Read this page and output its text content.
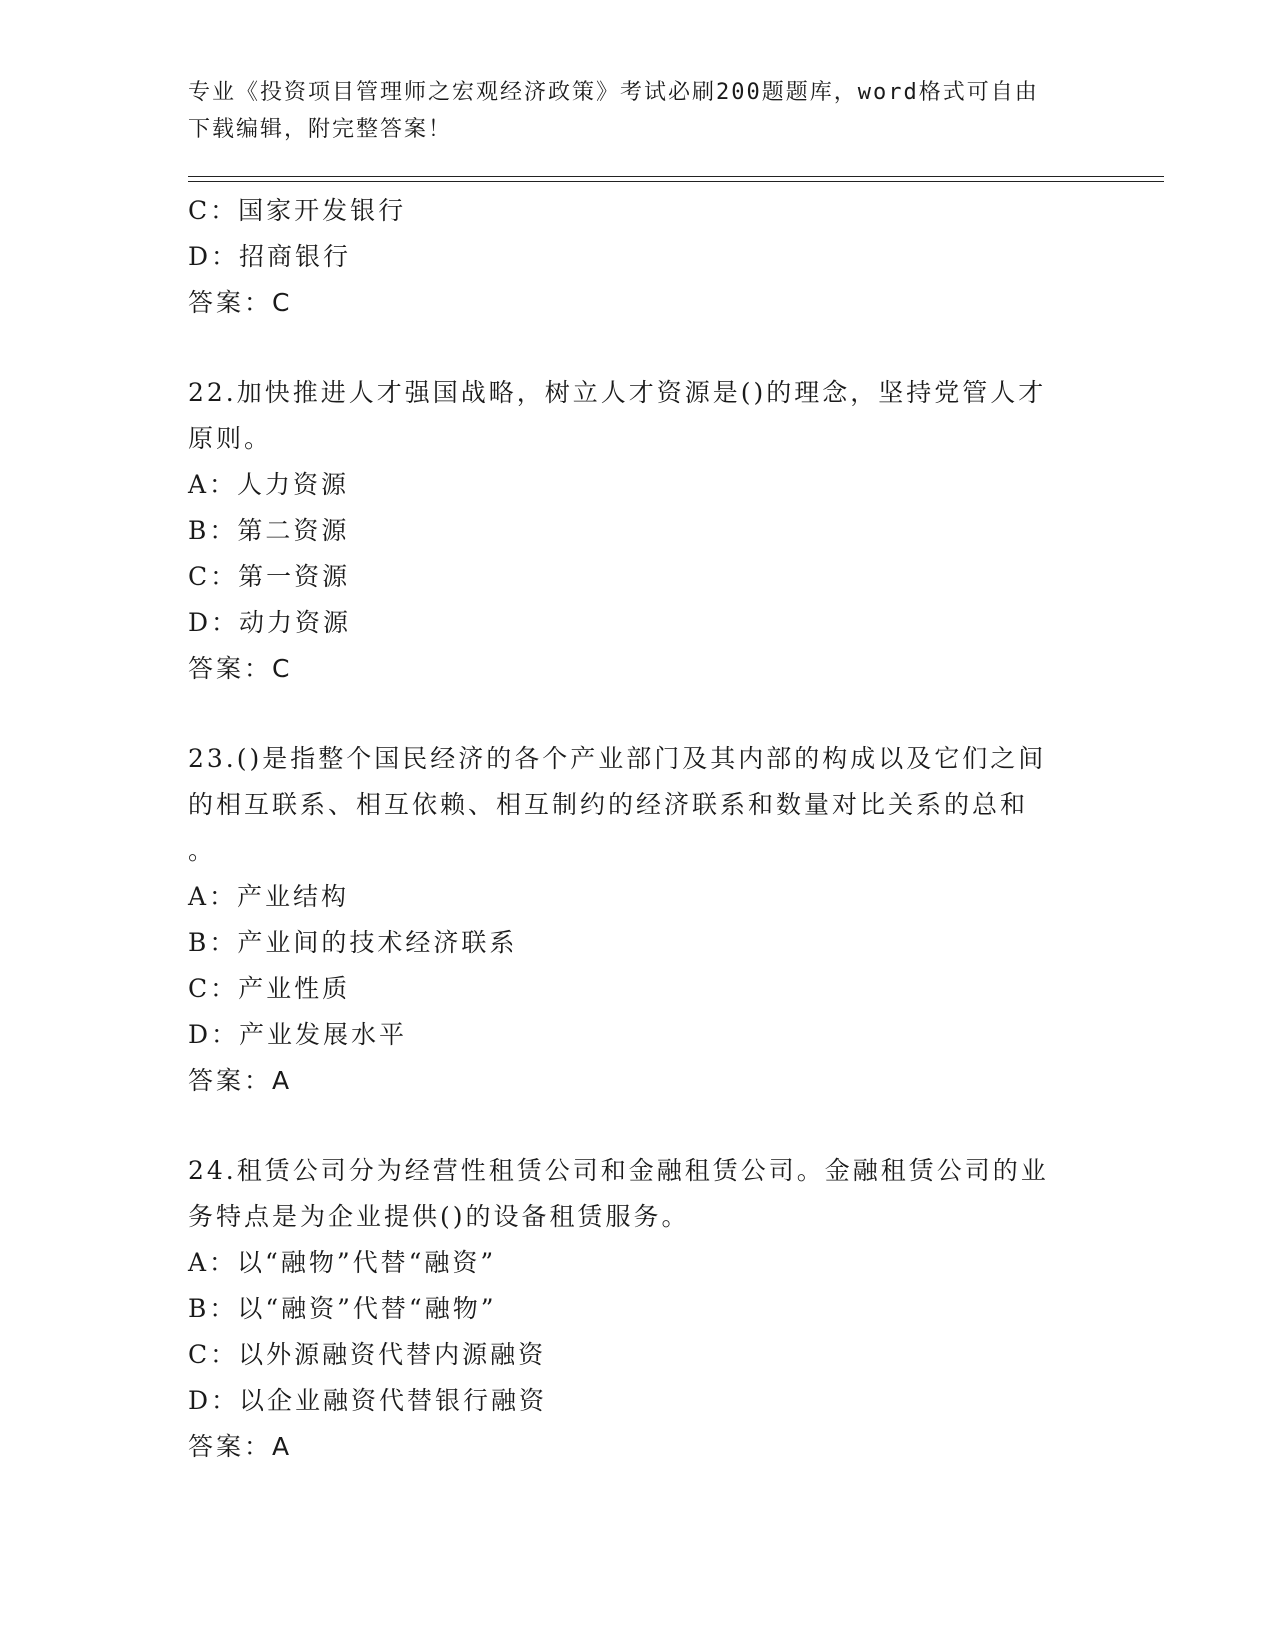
专业《投资项目管理师之宏观经济政策》考试必刷200题题库，word格式可自由
下载编辑，附完整答案！
C：国家开发银行
D：招商银行
答案：C
22.加快推进人才强国战略，树立人才资源是()的理念，坚持党管人才
原则。
A：人力资源
B：第二资源
C：第一资源
D：动力资源
答案：C
23.()是指整个国民经济的各个产业部门及其内部的构成以及它们之间
的相互联系、相互依赖、相互制约的经济联系和数量对比关系的总和
。
A：产业结构
B：产业间的技术经济联系
C：产业性质
D：产业发展水平
答案：A
24.租赁公司分为经营性租赁公司和金融租赁公司。金融租赁公司的业
务特点是为企业提供()的设备租赁服务。
A：以“融物”代替“融资”
B：以“融资”代替“融物”
C：以外源融资代替内源融资
D：以企业融资代替银行融资
答案：A
